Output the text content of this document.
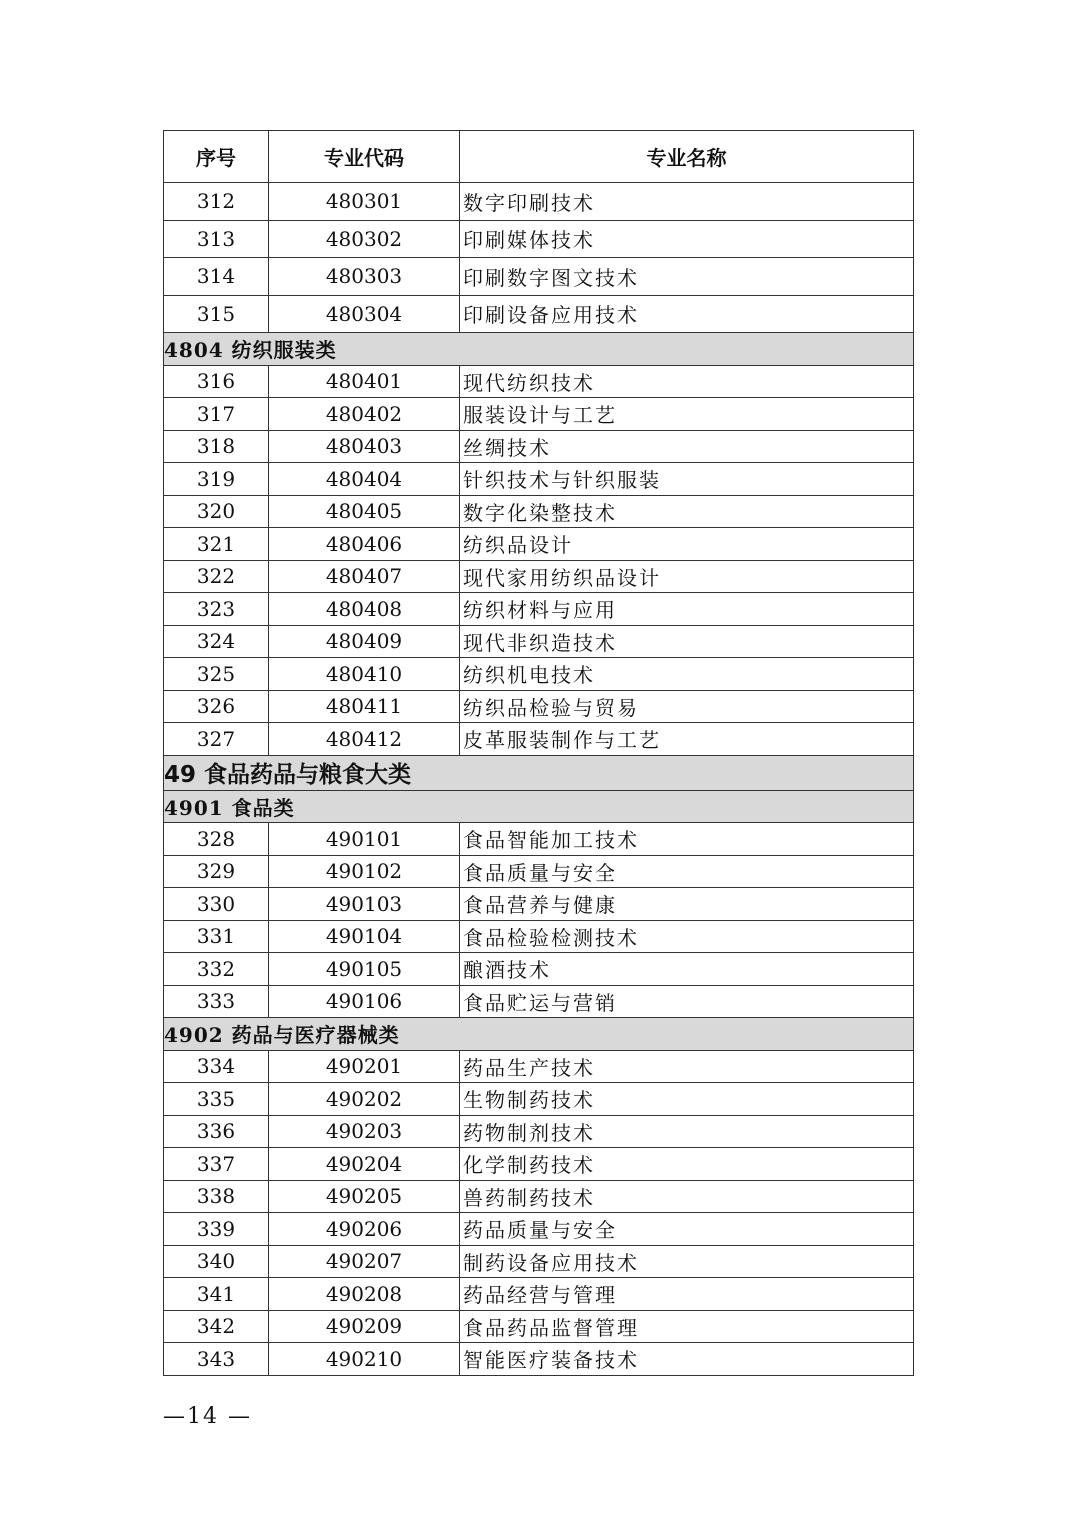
序号	专业代码	专业名称
312	480301	数字印刷技术
313	480302	印刷媒体技术
314	480303	印刷数字图文技术
315	480304	印刷设备应用技术
4804 纺织服装类		
316	480401	现代纺织技术
317	480402	服装设计与工艺
318	480403	丝绸技术
319	480404	针织技术与针织服装
320	480405	数字化染整技术
321	480406	纺织品设计
322	480407	现代家用纺织品设计
323	480408	纺织材料与应用
324	480409	现代非织造技术
325	480410	纺织机电技术
326	480411	纺织品检验与贸易
327	480412	皮革服装制作与工艺
49 食品药品与粮食大类		
4901 食品类		
328	490101	食品智能加工技术
329	490102	食品质量与安全
330	490103	食品营养与健康
331	490104	食品检验检测技术
332	490105	酿酒技术
333	490106	食品贮运与营销
4902 药品与医疗器械类		
334	490201	药品生产技术
335	490202	生物制药技术
336	490203	药物制剂技术
337	490204	化学制药技术
338	490205	兽药制药技术
339	490206	药品质量与安全
340	490207	制药设备应用技术
341	490208	药品经营与管理
342	490209	食品药品监督管理
343	490210	智能医疗装备技术
—14 —
